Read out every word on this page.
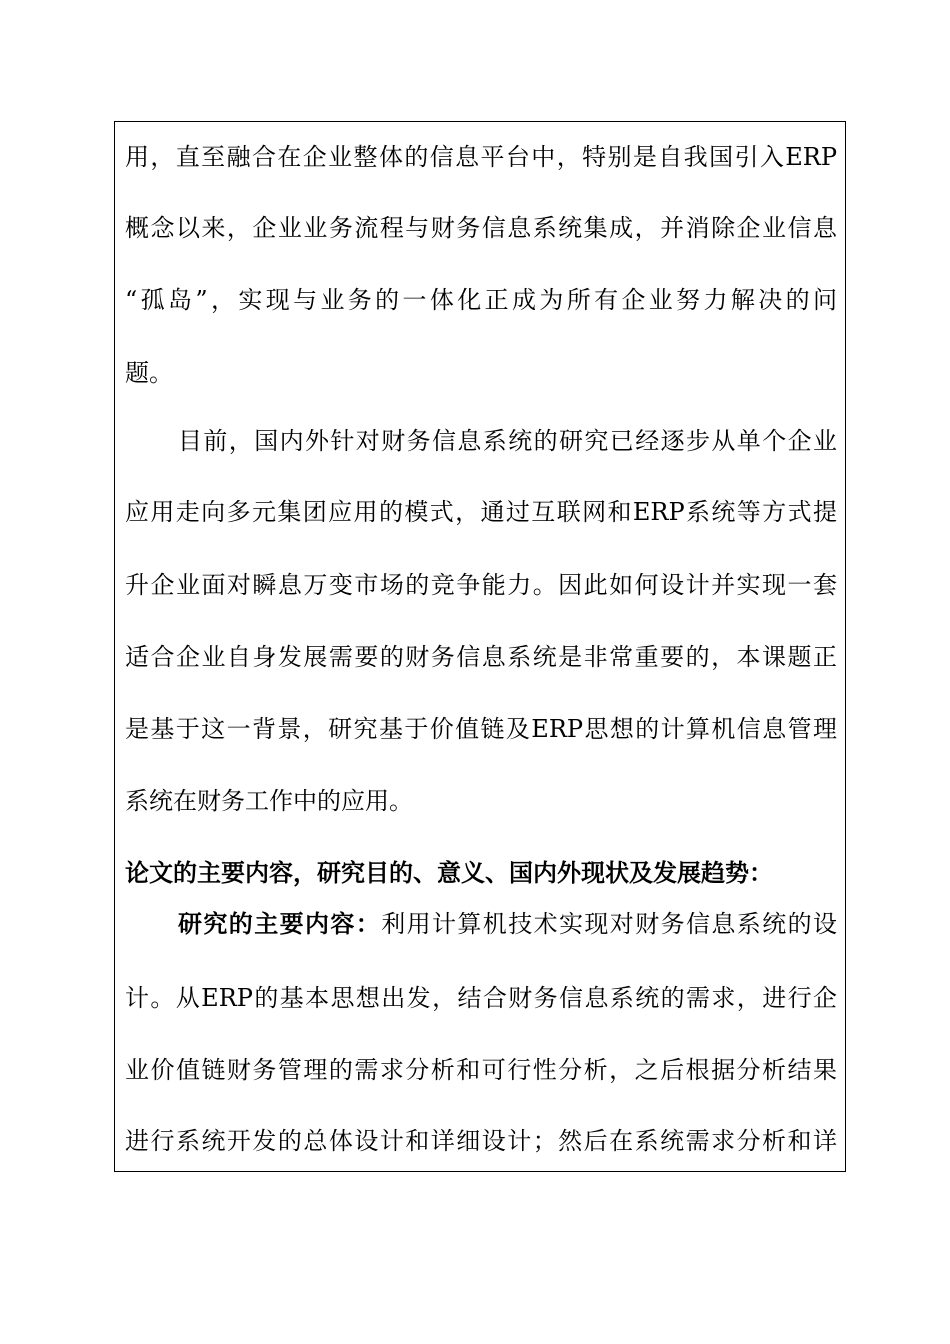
用，直至融合在企业整体的信息平台中，特别是自我国引入ERP
概念以来，企业业务流程与财务信息系统集成，并消除企业信息
“孤岛”，实现与业务的一体化正成为所有企业努力解决的问
题。
目前，国内外针对财务信息系统的研究已经逐步从单个企业
应用走向多元集团应用的模式，通过互联网和ERP系统等方式提
升企业面对瞬息万变市场的竞争能力。因此如何设计并实现一套
适合企业自身发展需要的财务信息系统是非常重要的，本课题正
是基于这一背景，研究基于价值链及ERP思想的计算机信息管理
系统在财务工作中的应用。
论文的主要内容，研究目的、意义、国内外现状及发展趋势：
研究的主要内容：利用计算机技术实现对财务信息系统的设
计。从ERP的基本思想出发，结合财务信息系统的需求，进行企
业价值链财务管理的需求分析和可行性分析，之后根据分析结果
进行系统开发的总体设计和详细设计；然后在系统需求分析和详
